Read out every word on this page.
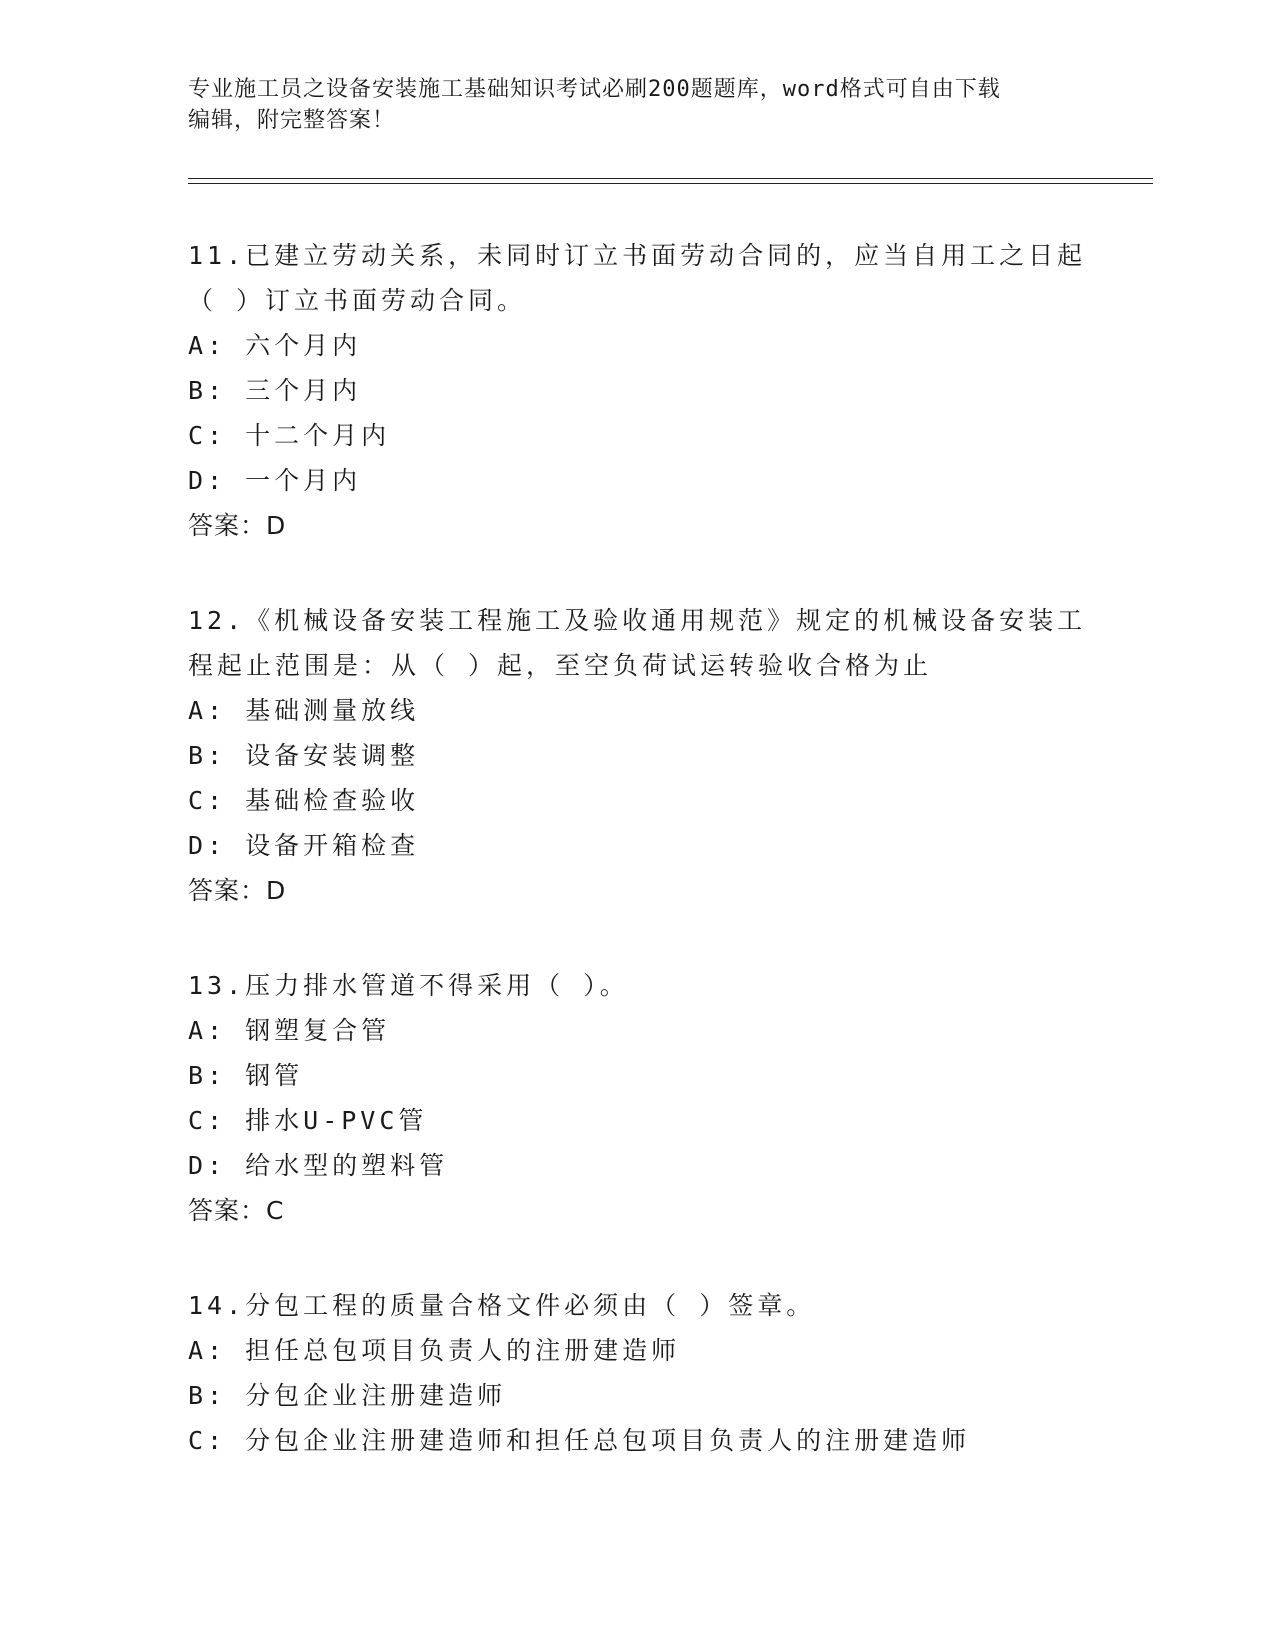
专业施工员之设备安装施工基础知识考试必刷200题题库，word格式可自由下载
编辑，附完整答案！
11.已建立劳动关系，未同时订立书面劳动合同的，应当自用工之日起
（ ）订立书面劳动合同。
A: 六个月内
B: 三个月内
C: 十二个月内
D: 一个月内
答案：D
12.《机械设备安装工程施工及验收通用规范》规定的机械设备安装工
程起止范围是：从（ ）起，至空负荷试运转验收合格为止
A: 基础测量放线
B: 设备安装调整
C: 基础检查验收
D: 设备开箱检查
答案：D
13.压力排水管道不得采用（ ）。
A: 钢塑复合管
B: 钢管
C: 排水U-PVC管
D: 给水型的塑料管
答案：C
14.分包工程的质量合格文件必须由（ ）签章。
A: 担任总包项目负责人的注册建造师
B: 分包企业注册建造师
C: 分包企业注册建造师和担任总包项目负责人的注册建造师
